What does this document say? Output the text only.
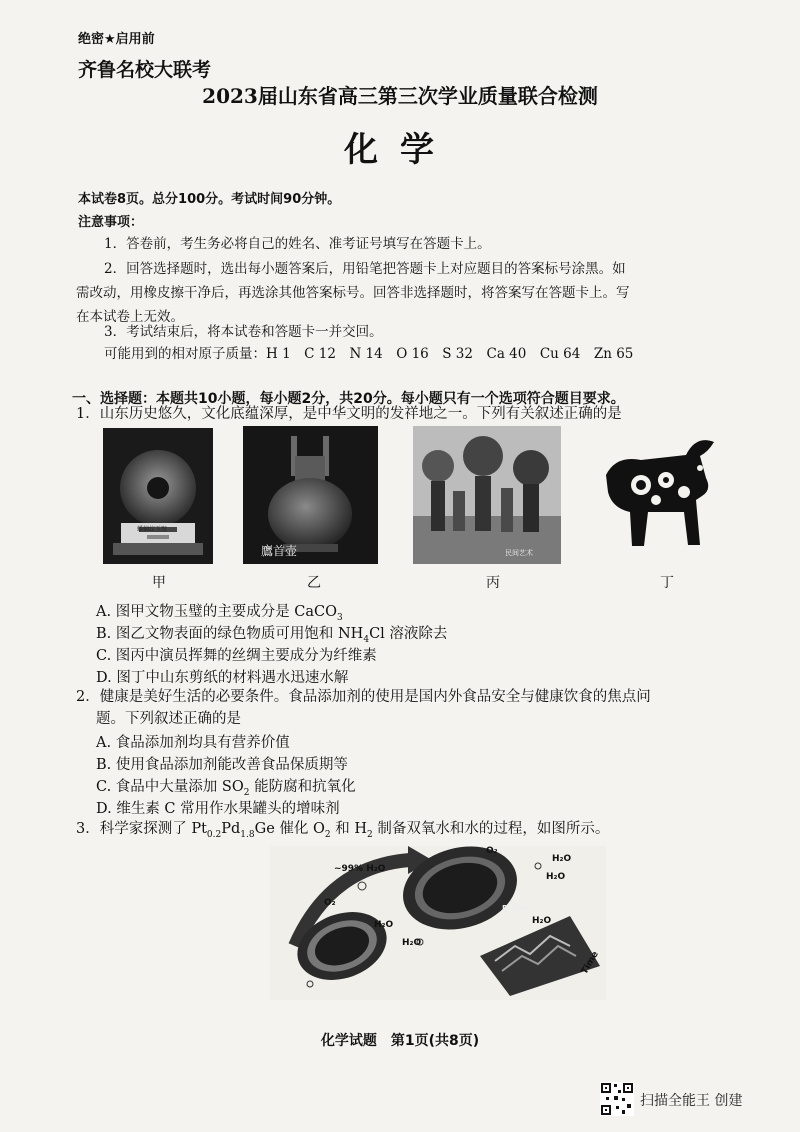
绝密★启用前
齐鲁名校大联考
2023届山东省高三第三次学业质量联合检测
化学
本试卷8页。总分100分。考试时间90分钟。
注意事项：
1．答卷前，考生务必将自己的姓名、准考证号填写在答题卡上。
2．回答选择题时，选出每小题答案后，用铅笔把答题卡上对应题目的答案标号涂黑。如
需改动，用橡皮擦干净后，再选涂其他答案标号。回答非选择题时，将答案写在答题卡上。写
在本试卷上无效。
3．考试结束后，将本试卷和答题卡一并交回。
可能用到的相对原子质量：H 1　C 12　N 14　O 16　S 32　Ca 40　Cu 64　Zn 65
一、选择题：本题共10小题，每小题2分，共20分。每小题只有一个选项符合题目要求。
1．山东历史悠久，文化底蕴深厚，是中华文明的发祥地之一。下列有关叙述正确的是
蟠螭纹玉璧
鷹首壶	民间艺术
甲	乙	丙	丁
A. 图甲文物玉璧的主要成分是 CaCO$_3$
B. 图乙文物表面的绿色物质可用饱和 $NH_4Cl$ 溶液除去
C. 图丙中演员挥舞的丝绸主要成分为纤维素
D. 图丁中山东剪纸的材料遇水迅速水解
2．健康是美好生活的必要条件。食品添加剂的使用是国内外食品安全与健康饮食的焦点问
题。下列叙述正确的是
A. 食品添加剂均具有营养价值
B. 使用食品添加剂能改善食品保质期等
C. 食品中大量添加 $SO_2$ 能防腐和抗氧化
D. 维生素 C 常用作水果罐头的增味剂
3．科学家探测了 $Pt_{0.2}Pd_{1.8}Ge$ 催化 $O_2$ 和 $H_2$ 制备双氧水和水的过程，如图所示。
~99% H₂O
O₂
O₂
H₂O
H₂O
H₂O
H₂O
H₂O
RRDE
Time
化学试题　第1页(共8页)
扫描全能王 创建
